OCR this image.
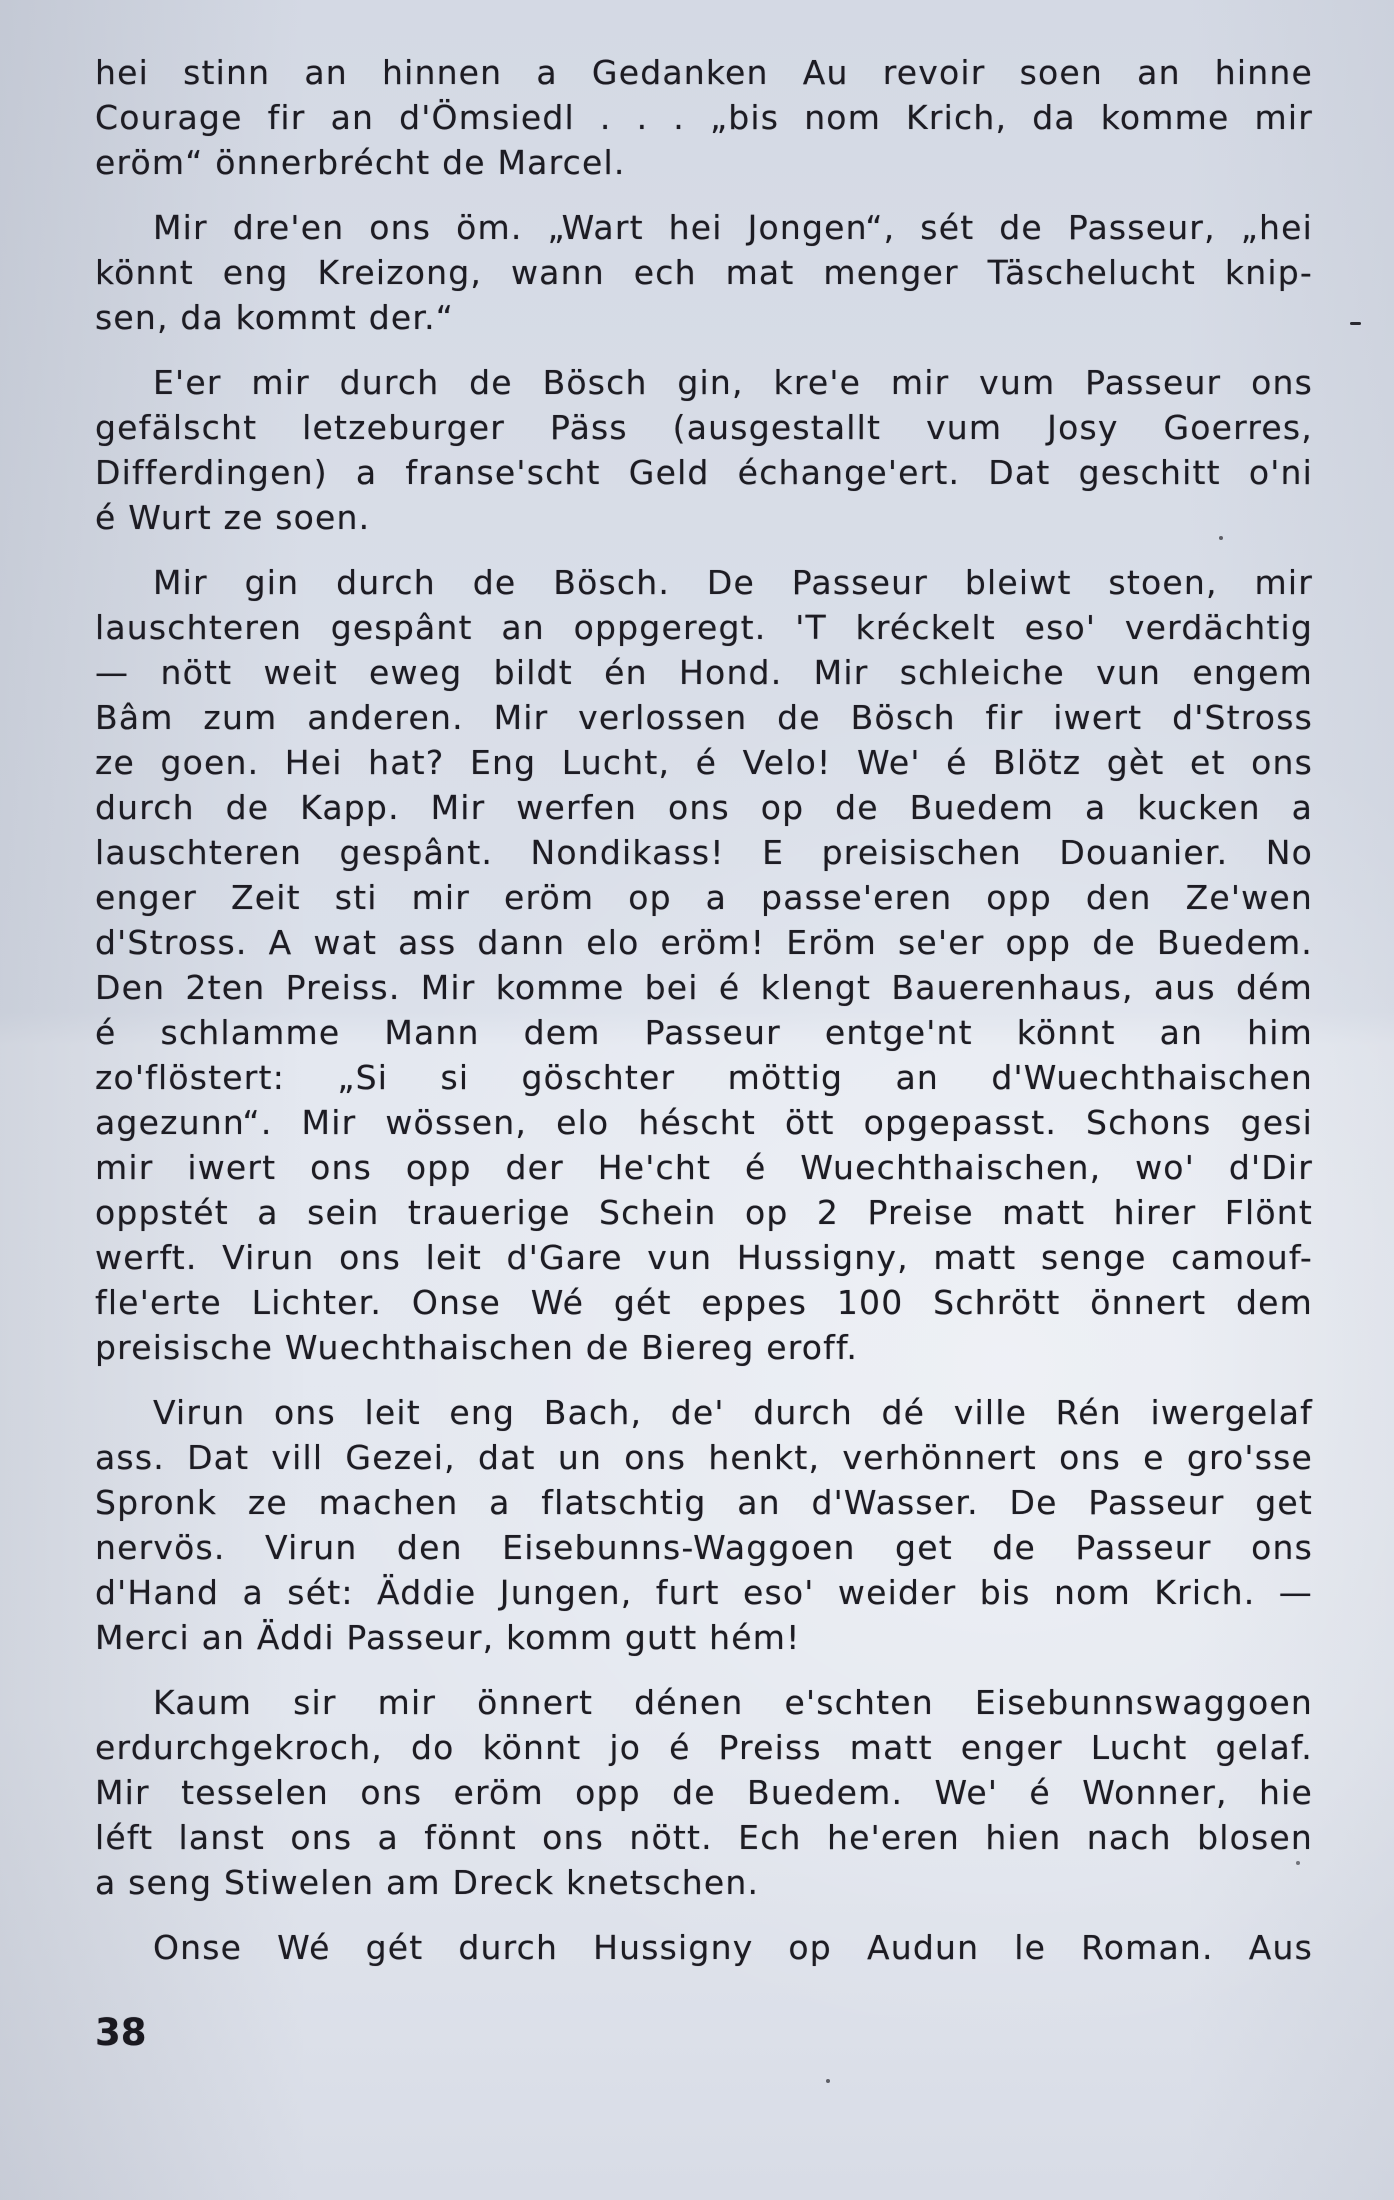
hei stinn an hinnen a Gedanken Au revoir soen an hinne
Courage fir an d'Ömsiedl . . . „bis nom Krich, da komme mir
eröm“ önnerbrécht de Marcel.
Mir dre'en ons öm. „Wart hei Jongen“, sét de Passeur, „hei
könnt eng Kreizong, wann ech mat menger Täschelucht knip-
sen, da kommt der.“
E'er mir durch de Bösch gin, kre'e mir vum Passeur ons
gefälscht letzeburger Päss (ausgestallt vum Josy Goerres,
Differdingen) a franse'scht Geld échange'ert. Dat geschitt o'ni
é Wurt ze soen.
Mir gin durch de Bösch. De Passeur bleiwt stoen, mir
lauschteren gespânt an oppgeregt. 'T kréckelt eso' verdächtig
— nött weit eweg bildt én Hond. Mir schleiche vun engem
Bâm zum anderen. Mir verlossen de Bösch fir iwert d'Stross
ze goen. Hei hat? Eng Lucht, é Velo! We' é Blötz gèt et ons
durch de Kapp. Mir werfen ons op de Buedem a kucken a
lauschteren gespânt. Nondikass! E preisischen Douanier. No
enger Zeit sti mir eröm op a passe'eren opp den Ze'wen
d'Stross. A wat ass dann elo eröm! Eröm se'er opp de Buedem.
Den 2ten Preiss. Mir komme bei é klengt Bauerenhaus, aus dém
é schlamme Mann dem Passeur entge'nt könnt an him
zo'flöstert: „Si si göschter möttig an d'Wuechthaischen
agezunn“. Mir wössen, elo héscht ött opgepasst. Schons gesi
mir iwert ons opp der He'cht é Wuechthaischen, wo' d'Dir
oppstét a sein trauerige Schein op 2 Preise matt hirer Flönt
werft. Virun ons leit d'Gare vun Hussigny, matt senge camouf-
fle'erte Lichter. Onse Wé gét eppes 100 Schrött önnert dem
preisische Wuechthaischen de Biereg eroff.
Virun ons leit eng Bach, de' durch dé ville Rén iwergelaf
ass. Dat vill Gezei, dat un ons henkt, verhönnert ons e gro'sse
Spronk ze machen a flatschtig an d'Wasser. De Passeur get
nervös. Virun den Eisebunns-Waggoen get de Passeur ons
d'Hand a sét: Äddie Jungen, furt eso' weider bis nom Krich. —
Merci an Äddi Passeur, komm gutt hém!
Kaum sir mir önnert dénen e'schten Eisebunnswaggoen
erdurchgekroch, do könnt jo é Preiss matt enger Lucht gelaf.
Mir tesselen ons eröm opp de Buedem. We' é Wonner, hie
léft lanst ons a fönnt ons nött. Ech he'eren hien nach blosen
a seng Stiwelen am Dreck knetschen.
Onse Wé gét durch Hussigny op Audun le Roman. Aus
38
